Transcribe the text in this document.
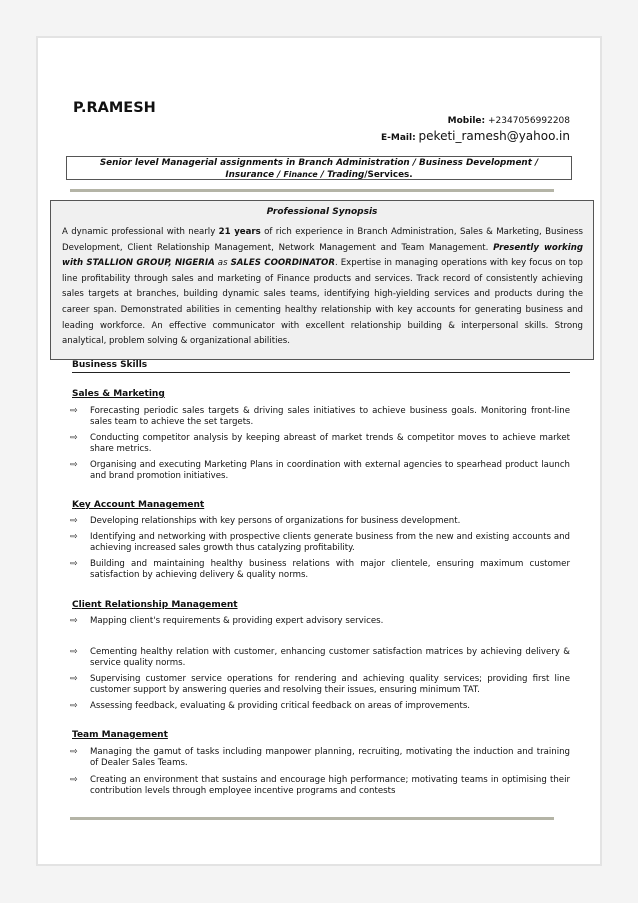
P.RAMESH
Mobile: +2347056992208
E-Mail: peketi_ramesh@yahoo.in
Senior level Managerial assignments in Branch Administration / Business Development /
Insurance / Finance / Trading/Services.
Professional Synopsis
A dynamic professional with nearly 21 years of rich experience in Branch Administration, Sales & Marketing, Business Development, Client Relationship Management, Network Management and Team Management. Presently working with STALLION GROUP, NIGERIA as SALES COORDINATOR. Expertise in managing operations with key focus on top line profitability through sales and marketing of Finance products and services. Track record of consistently achieving sales targets at branches, building dynamic sales teams, identifying high-yielding services and products during the career span. Demonstrated abilities in cementing healthy relationship with key accounts for generating business and leading workforce. An effective communicator with excellent relationship building & interpersonal skills. Strong analytical, problem solving & organizational abilities.
Business Skills
Sales & Marketing
⇨ Forecasting periodic sales targets & driving sales initiatives to achieve business goals. Monitoring front-line sales team to achieve the set targets.
⇨ Conducting competitor analysis by keeping abreast of market trends & competitor moves to achieve market share metrics.
⇨ Organising and executing Marketing Plans in coordination with external agencies to spearhead product launch and brand promotion initiatives.
Key Account Management
⇨ Developing relationships with key persons of organizations for business development.
⇨ Identifying and networking with prospective clients generate business from the new and existing accounts and achieving increased sales growth thus catalyzing profitability.
⇨ Building and maintaining healthy business relations with major clientele, ensuring maximum customer satisfaction by achieving delivery & quality norms.
Client Relationship Management
⇨ Mapping client's requirements & providing expert advisory services.
⇨ Cementing healthy relation with customer, enhancing customer satisfaction matrices by achieving delivery & service quality norms.
⇨ Supervising customer service operations for rendering and achieving quality services; providing first line customer support by answering queries and resolving their issues, ensuring minimum TAT.
⇨ Assessing feedback, evaluating & providing critical feedback on areas of improvements.
Team Management
⇨ Managing the gamut of tasks including manpower planning, recruiting, motivating the induction and training of Dealer Sales Teams.
⇨ Creating an environment that sustains and encourage high performance; motivating teams in optimising their contribution levels through employee incentive programs and contests
